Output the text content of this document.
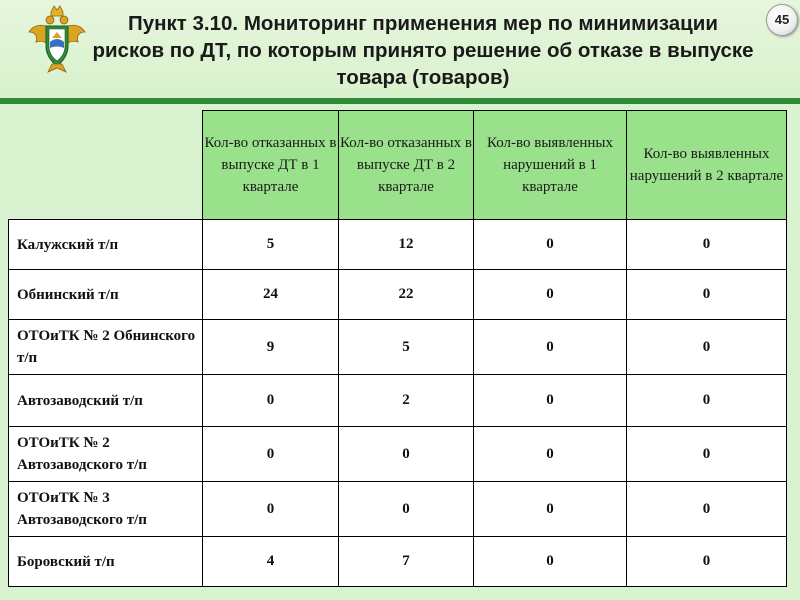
Пункт 3.10. Мониторинг применения мер по минимизации рисков по ДТ, по которым принято решение об отказе в выпуске товара (товаров)
45
	Кол-во отказанных в выпуске ДТ в 1 квартале	Кол-во отказанных в выпуске ДТ в 2 квартале	Кол-во выявленных нарушений в 1 квартале	Кол-во выявленных нарушений в 2 квартале
Калужский т/п	5	12	0	0
Обнинский т/п	24	22	0	0
ОТОиТК № 2 Обнинского т/п	9	5	0	0
Автозаводский т/п	0	2	0	0
ОТОиТК № 2 Автозаводского т/п	0	0	0	0
ОТОиТК № 3 Автозаводского т/п	0	0	0	0
Боровский т/п	4	7	0	0
